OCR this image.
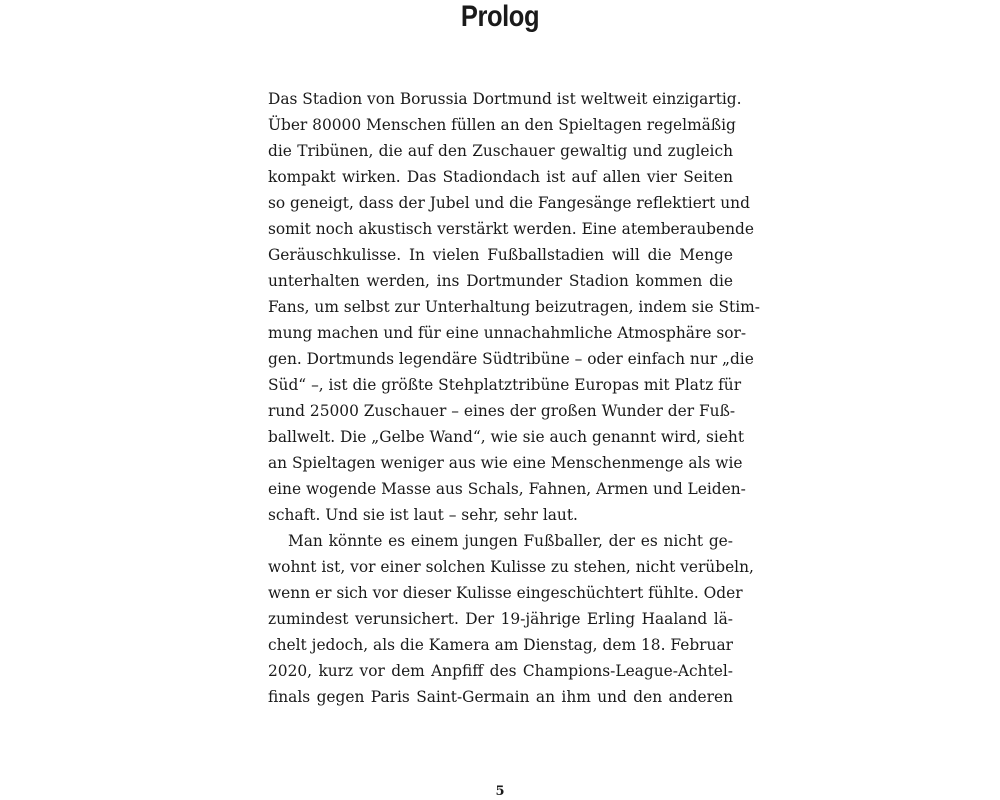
Prolog
Das Stadion von Borussia Dortmund ist weltweit einzigartig.
Über 80000 Menschen füllen an den Spieltagen regelmäßig
die Tribünen, die auf den Zuschauer gewaltig und zugleich
kompakt wirken. Das Stadiondach ist auf allen vier Seiten
so geneigt, dass der Jubel und die Fangesänge reflektiert und
somit noch akustisch verstärkt werden. Eine atemberaubende
Geräuschkulisse. In vielen Fußballstadien will die Menge
unterhalten werden, ins Dortmunder Stadion kommen die
Fans, um selbst zur Unterhaltung beizutragen, indem sie Stim-
mung machen und für eine unnachahmliche Atmosphäre sor-
gen. Dortmunds legendäre Südtribüne – oder einfach nur „die
Süd“ –, ist die größte Stehplatztribüne Europas mit Platz für
rund 25000 Zuschauer – eines der großen Wunder der Fuß-
ballwelt. Die „Gelbe Wand“, wie sie auch genannt wird, sieht
an Spieltagen weniger aus wie eine Menschenmenge als wie
eine wogende Masse aus Schals, Fahnen, Armen und Leiden-
schaft. Und sie ist laut – sehr, sehr laut.
Man könnte es einem jungen Fußballer, der es nicht ge-
wohnt ist, vor einer solchen Kulisse zu stehen, nicht verübeln,
wenn er sich vor dieser Kulisse eingeschüchtert fühlte. Oder
zumindest verunsichert. Der 19-jährige Erling Haaland lä-
chelt jedoch, als die Kamera am Dienstag, dem 18. Februar
2020, kurz vor dem Anpfiff des Champions-League-Achtel-
finals gegen Paris Saint-Germain an ihm und den anderen
5
